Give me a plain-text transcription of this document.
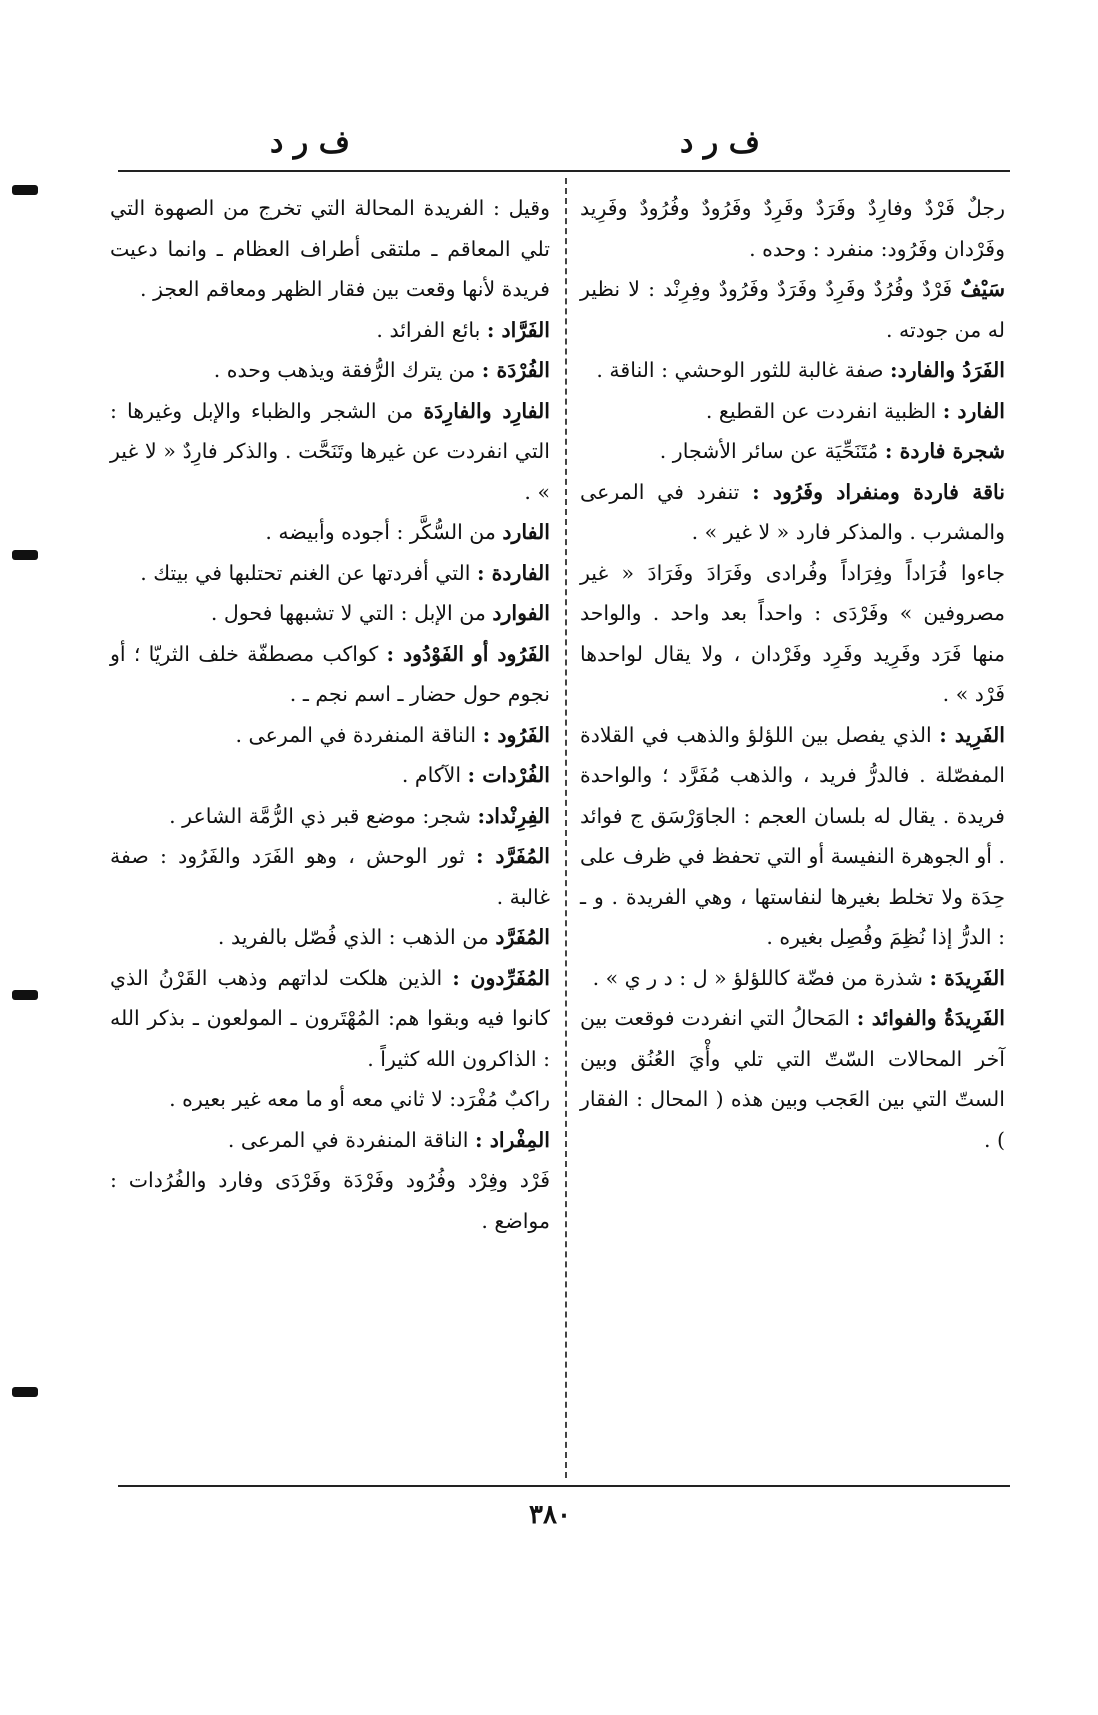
ف ر د
ف ر د

رجلٌ فَرْدٌ وفارِدٌ وفَرَدٌ وفَرِدٌ وفَرُودٌ وفُرُودٌ وفَرِيد وفَرْدان وفَرُود: منفرد : وحده .

سَيْفٌ فَرْدٌ وفُرُدٌ وفَرِدٌ وفَرَدٌ وفَرُودٌ وفِرِنْد : لا نظير له من جودته .

الفَرَدُ والفارد: صفة غالبة للثور الوحشي : الناقة .

الفارد : الظبية انفردت عن القطيع .

شجرة فاردة : مُتَنَحِّيَة عن سائر الأشجار .

ناقة فاردة ومنفراد وفَرُود : تنفرد في المرعى والمشرب . والمذكر فارد « لا غير » .

جاءوا فُرَاداً وفِرَاداً وفُرادى وفَرَادَ وفَرَادَ « غير مصروفين » وفَرْدَى : واحداً بعد واحد . والواحد منها فَرَد وفَرِيد وفَرِد وفَرْدان ، ولا يقال لواحدها فَرْد » .

الفَرِيد : الذي يفصل بين اللؤلؤ والذهب في القلادة المفصّلة . فالدرُّ فريد ، والذهب مُفَرَّد ؛ والواحدة فريدة . يقال له بلسان العجم : الجاوَرْسَق ج فوائد . أو الجوهرة النفيسة أو التي تحفظ في ظرف على حِدَة ولا تخلط بغيرها لنفاستها ، وهي الفريدة . و ـ : الدرُّ إذا نُظِمَ وفُصِل بغيره .

الفَرِيدَة : شذرة من فضّة كاللؤلؤ « ل : د ر ي » .

الفَرِيدَةُ والفوائد : المَحالُ التي انفردت فوقعت بين آخر المحالات السّتّ التي تلي وأْيَ العُنُق وبين الستّ التي بين العَجب وبين هذه ( المحال : الفقار ) .

وقيل : الفريدة المحالة التي تخرج من الصهوة التي تلي المعاقم ـ ملتقى أطراف العظام ـ وانما دعيت فريدة لأنها وقعت بين فقار الظهر ومعاقم العجز .

الفَرَّاد : بائع الفرائد .

الفُرْدَة : من يترك الرُّفقة ويذهب وحده .

الفارِد والفارِدَة من الشجر والظباء والإبل وغيرها : التي انفردت عن غيرها وتَنَحَّت . والذكر فارِدٌ « لا غير » .

الفارد من السُّكَّر : أجوده وأبيضه .

الفاردة : التي أفردتها عن الغنم تحتلبها في بيتك .

الفوارد من الإبل : التي لا تشبهها فحول .

الفَرُود أو الفَوْدُود : كواكب مصطفّة خلف الثريّا ؛ أو نجوم حول حضار ـ اسم نجم ـ .

الفَرُود : الناقة المنفردة في المرعى .

الفُرْدات : الآكام .

الفِرِنْداد: شجر: موضع قبر ذي الرُّمَّة الشاعر .

المُفَرَّد : ثور الوحش ، وهو الفَرَد والفَرُود : صفة غالبة .

المُفَرَّد من الذهب : الذي فُصّل بالفريد .

المُفَرِّدون : الذين هلكت لداتهم وذهب القَرْنُ الذي كانوا فيه وبقوا هم: المُهْتَرون ـ المولعون ـ بذكر الله : الذاكرون الله كثيراً .

راكبٌ مُفْرَد: لا ثاني معه أو ما معه غير بعيره .

المِفْراد : الناقة المنفردة في المرعى .

فَرْد وفِرْد وفُرُود وفَرْدَة وفَرْدَى وفارد والفُرُدات : مواضع .

٣٨٠
